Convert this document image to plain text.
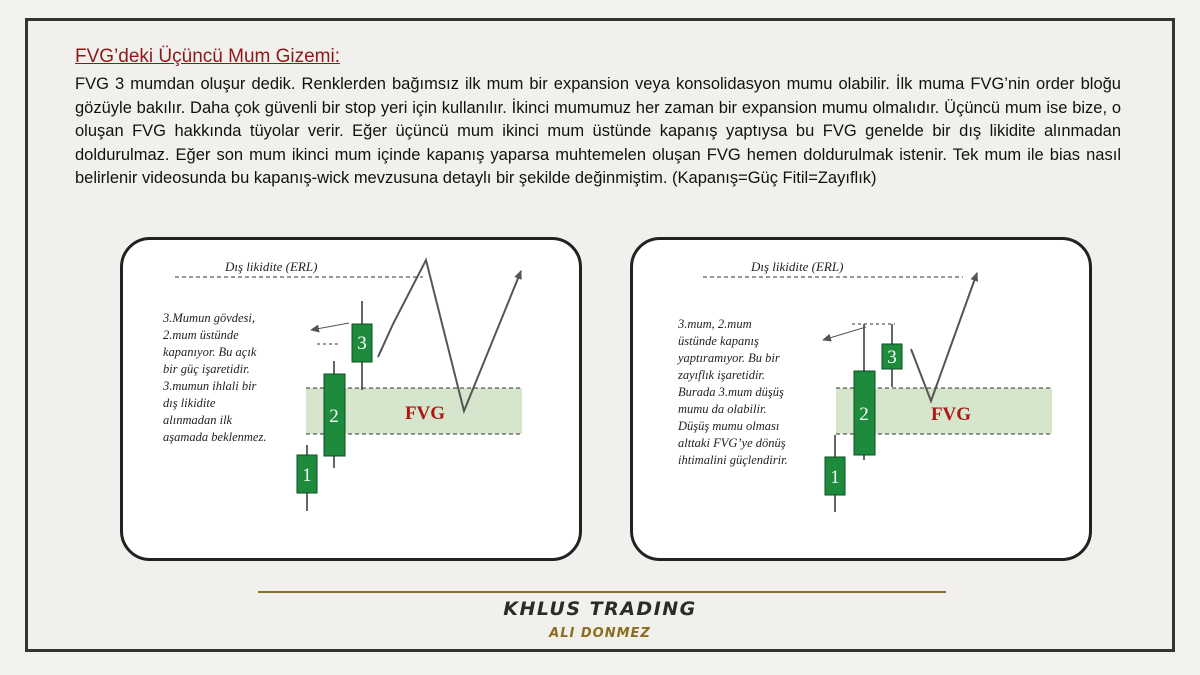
FVG’deki Üçüncü Mum Gizemi:

FVG 3 mumdan oluşur dedik. Renklerden bağımsız ilk mum bir expansion veya konsolidasyon mumu olabilir. İlk muma FVG’nin order bloğu gözüyle bakılır. Daha çok güvenli bir stop yeri için kullanılır. İkinci mumumuz her zaman bir expansion mumu olmalıdır. Üçüncü mum ise bize, o oluşan FVG hakkında tüyolar verir. Eğer üçüncü mum ikinci mum üstünde kapanış yaptıysa bu FVG genelde bir dış likidite alınmadan doldurulmaz. Eğer son mum ikinci mum içinde kapanış yaparsa muhtemelen oluşan FVG hemen doldurulmak istenir. Tek mum ile bias nasıl belirlenir videosunda bu kapanış-wick mevzusuna detaylı bir şekilde değinmiştim. (Kapanış=Güç Fitil=Zayıflık)

Dış likidite (ERL)
1
2
3
FVG
3.Mumun gövdesi,
2.mum üstünde
kapanıyor. Bu açık
bir güç işaretidir.
3.mumun ihlali bir
dış likidite
alınmadan ilk
aşamada beklenmez.
Dış likidite (ERL)
1
2
3
FVG
3.mum, 2.mum
üstünde kapanış
yaptıramıyor. Bu bir
zayıflık işaretidir.
Burada 3.mum düşüş
mumu da olabilir.
Düşüş mumu olması
alttaki FVG’ye dönüş
ihtimalini güçlendirir.
KHLUS TRADING
ALI DONMEZ
